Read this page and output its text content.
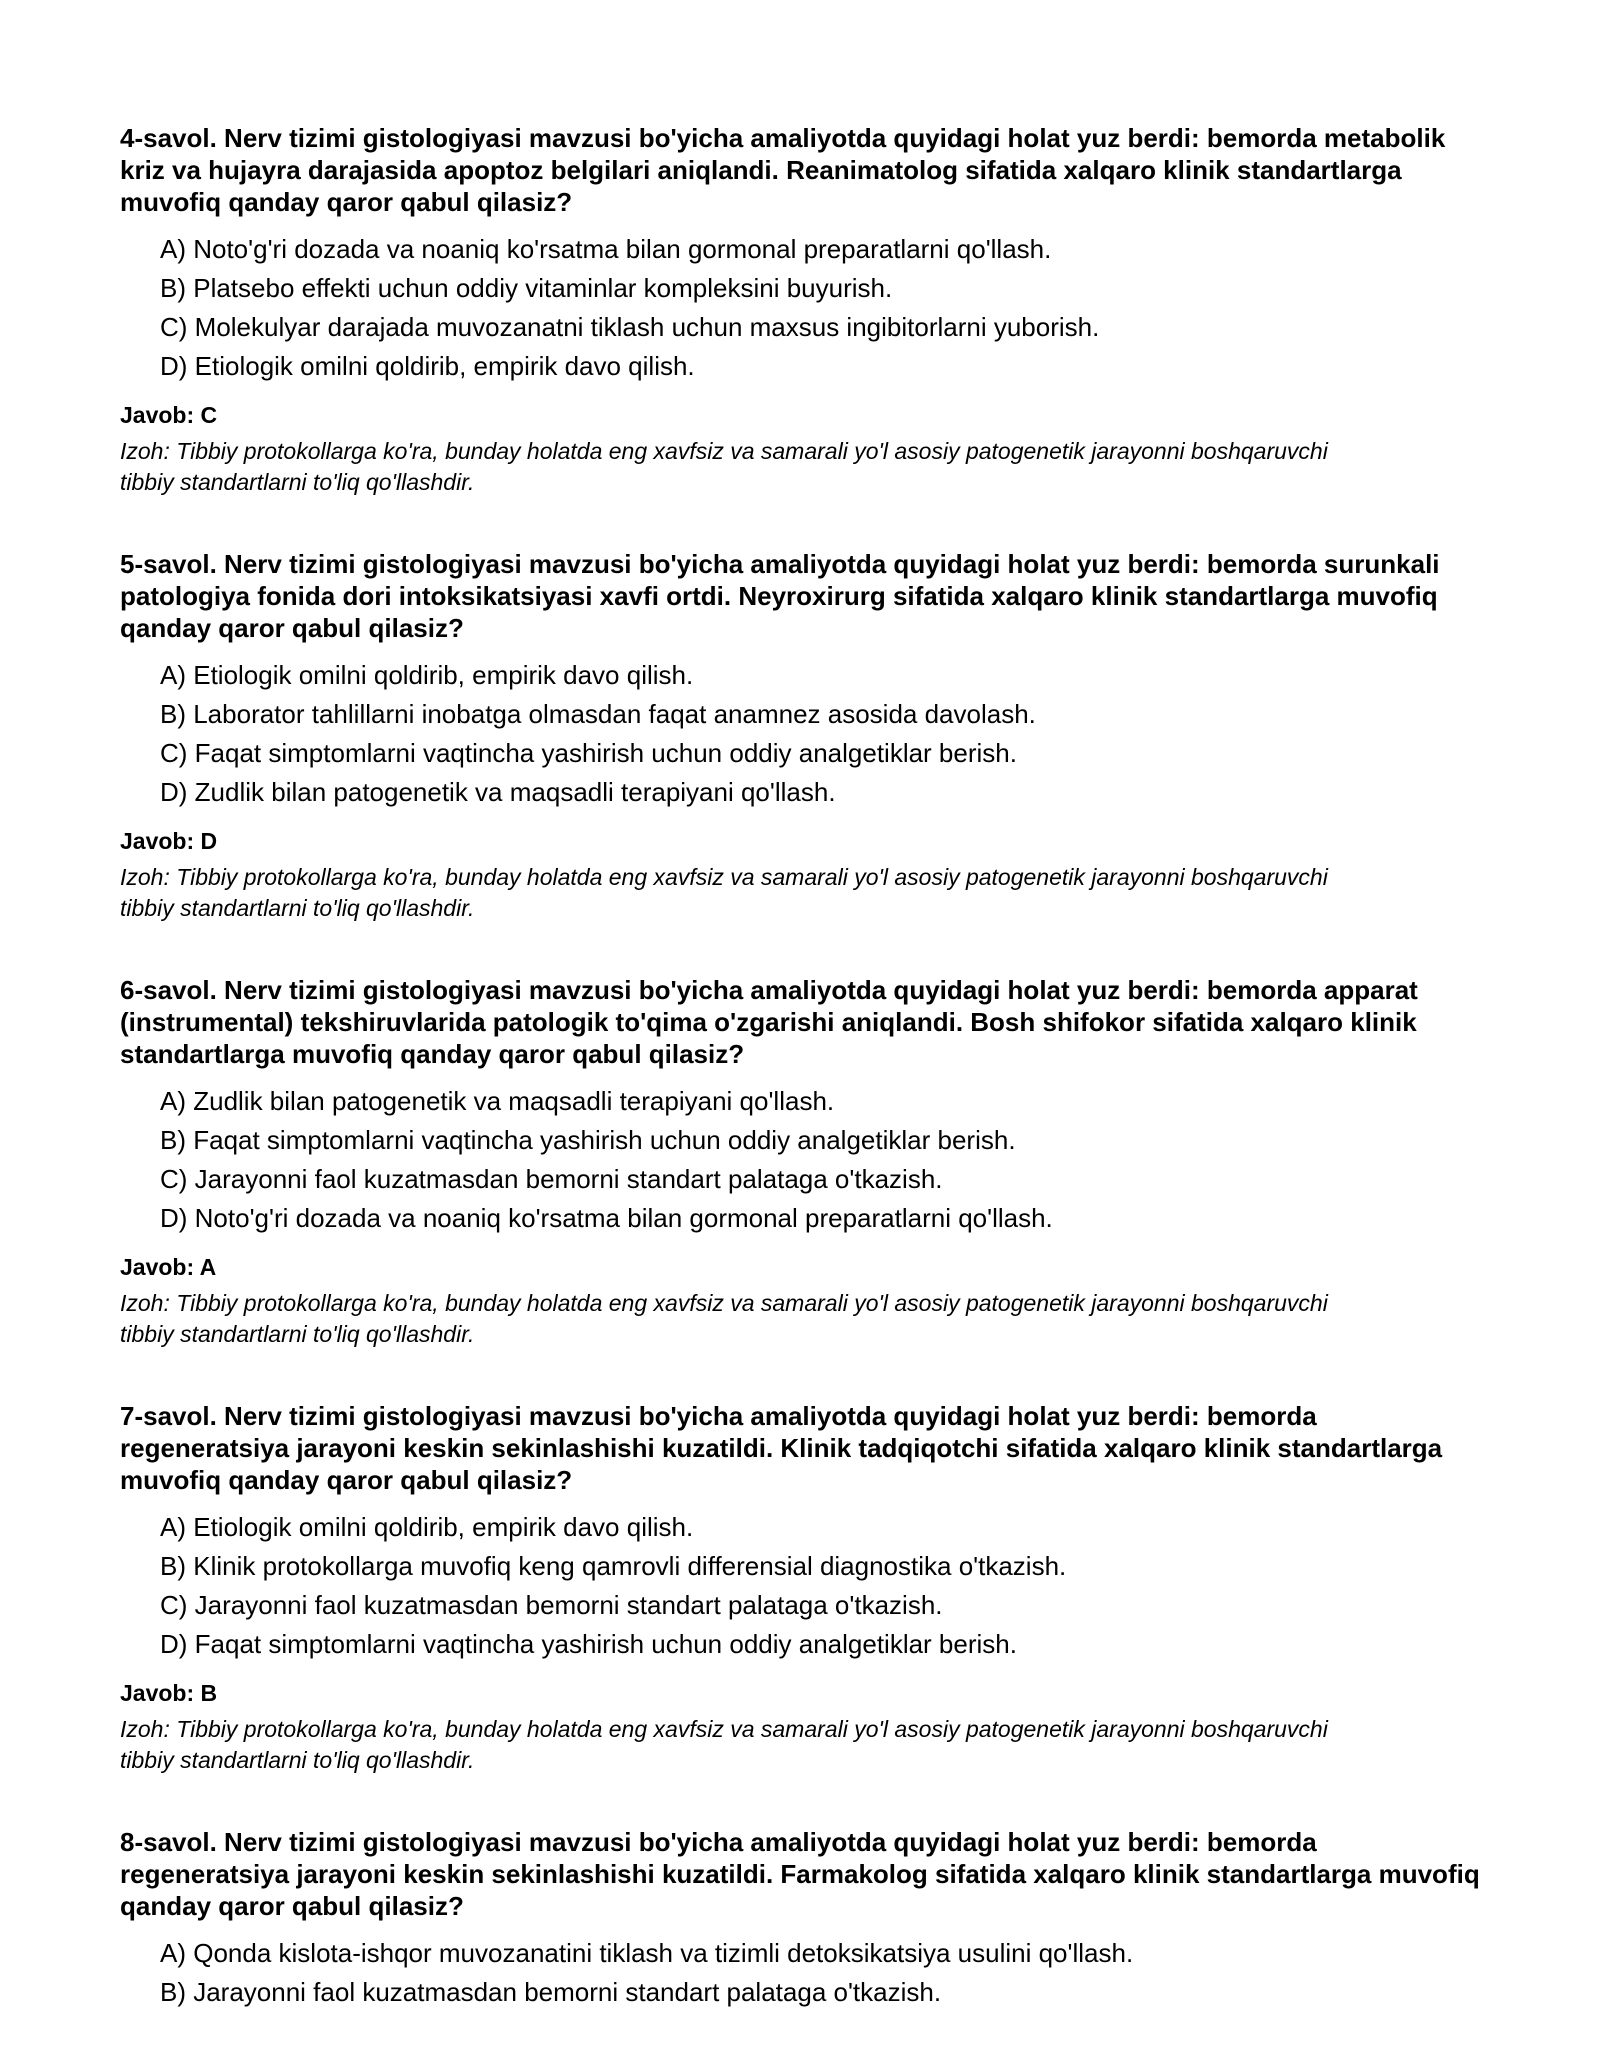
4-savol. Nerv tizimi gistologiyasi mavzusi bo'yicha amaliyotda quyidagi holat yuz berdi: bemorda metabolik kriz va hujayra darajasida apoptoz belgilari aniqlandi. Reanimatolog sifatida xalqaro klinik standartlarga muvofiq qanday qaror qabul qilasiz?
A) Noto'g'ri dozada va noaniq ko'rsatma bilan gormonal preparatlarni qo'llash.
B) Platsebo effekti uchun oddiy vitaminlar kompleksini buyurish.
C) Molekulyar darajada muvozanatni tiklash uchun maxsus ingibitorlarni yuborish.
D) Etiologik omilni qoldirib, empirik davo qilish.
Javob: C
Izoh: Tibbiy protokollarga ko'ra, bunday holatda eng xavfsiz va samarali yo'l asosiy patogenetik jarayonni boshqaruvchi tibbiy standartlarni to'liq qo'llashdir.
5-savol. Nerv tizimi gistologiyasi mavzusi bo'yicha amaliyotda quyidagi holat yuz berdi: bemorda surunkali patologiya fonida dori intoksikatsiyasi xavfi ortdi. Neyroxirurg sifatida xalqaro klinik standartlarga muvofiq qanday qaror qabul qilasiz?
A) Etiologik omilni qoldirib, empirik davo qilish.
B) Laborator tahlillarni inobatga olmasdan faqat anamnez asosida davolash.
C) Faqat simptomlarni vaqtincha yashirish uchun oddiy analgetiklar berish.
D) Zudlik bilan patogenetik va maqsadli terapiyani qo'llash.
Javob: D
Izoh: Tibbiy protokollarga ko'ra, bunday holatda eng xavfsiz va samarali yo'l asosiy patogenetik jarayonni boshqaruvchi tibbiy standartlarni to'liq qo'llashdir.
6-savol. Nerv tizimi gistologiyasi mavzusi bo'yicha amaliyotda quyidagi holat yuz berdi: bemorda apparat (instrumental) tekshiruvlarida patologik to'qima o'zgarishi aniqlandi. Bosh shifokor sifatida xalqaro klinik standartlarga muvofiq qanday qaror qabul qilasiz?
A) Zudlik bilan patogenetik va maqsadli terapiyani qo'llash.
B) Faqat simptomlarni vaqtincha yashirish uchun oddiy analgetiklar berish.
C) Jarayonni faol kuzatmasdan bemorni standart palataga o'tkazish.
D) Noto'g'ri dozada va noaniq ko'rsatma bilan gormonal preparatlarni qo'llash.
Javob: A
Izoh: Tibbiy protokollarga ko'ra, bunday holatda eng xavfsiz va samarali yo'l asosiy patogenetik jarayonni boshqaruvchi tibbiy standartlarni to'liq qo'llashdir.
7-savol. Nerv tizimi gistologiyasi mavzusi bo'yicha amaliyotda quyidagi holat yuz berdi: bemorda regeneratsiya jarayoni keskin sekinlashishi kuzatildi. Klinik tadqiqotchi sifatida xalqaro klinik standartlarga muvofiq qanday qaror qabul qilasiz?
A) Etiologik omilni qoldirib, empirik davo qilish.
B) Klinik protokollarga muvofiq keng qamrovli differensial diagnostika o'tkazish.
C) Jarayonni faol kuzatmasdan bemorni standart palataga o'tkazish.
D) Faqat simptomlarni vaqtincha yashirish uchun oddiy analgetiklar berish.
Javob: B
Izoh: Tibbiy protokollarga ko'ra, bunday holatda eng xavfsiz va samarali yo'l asosiy patogenetik jarayonni boshqaruvchi tibbiy standartlarni to'liq qo'llashdir.
8-savol. Nerv tizimi gistologiyasi mavzusi bo'yicha amaliyotda quyidagi holat yuz berdi: bemorda regeneratsiya jarayoni keskin sekinlashishi kuzatildi. Farmakolog sifatida xalqaro klinik standartlarga muvofiq qanday qaror qabul qilasiz?
A) Qonda kislota-ishqor muvozanatini tiklash va tizimli detoksikatsiya usulini qo'llash.
B) Jarayonni faol kuzatmasdan bemorni standart palataga o'tkazish.
